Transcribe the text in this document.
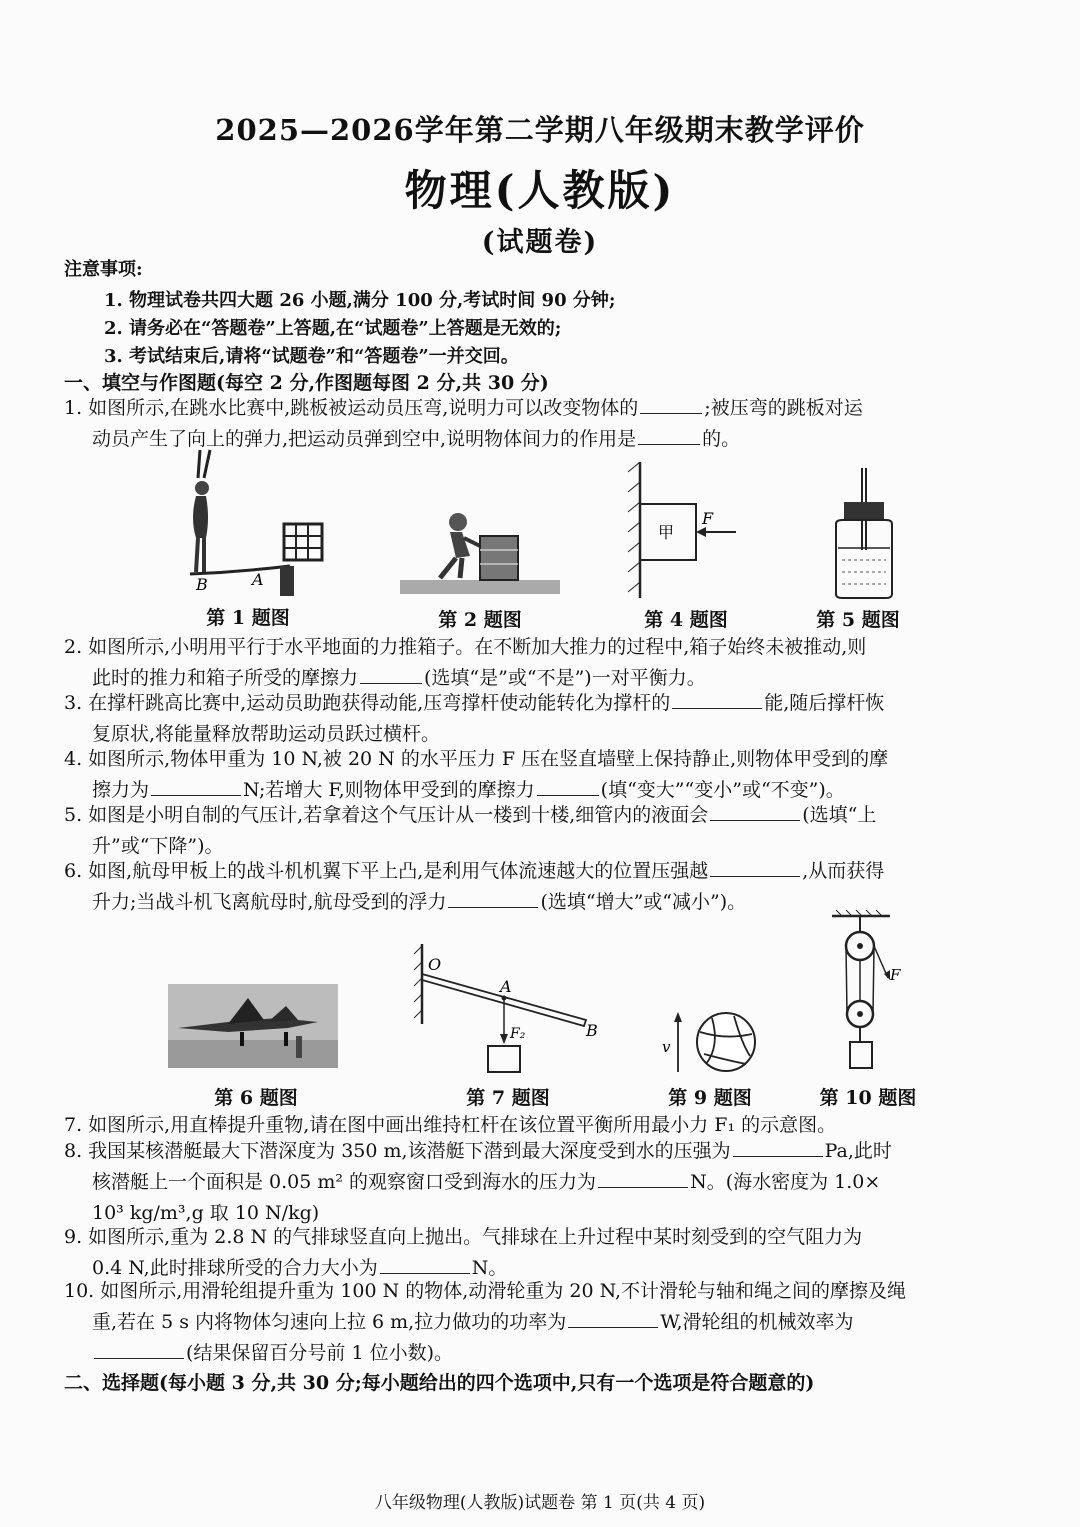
2025—2026学年第二学期八年级期末教学评价
物理(人教版)
(试题卷)
注意事项:
1. 物理试卷共四大题 26 小题,满分 100 分,考试时间 90 分钟;
2. 请务必在“答题卷”上答题,在“试题卷”上答题是无效的;
3. 考试结束后,请将“试题卷”和“答题卷”一并交回。
一、填空与作图题(每空 2 分,作图题每图 2 分,共 30 分)

1. 如图所示,在跳水比赛中,跳板被运动员压弯,说明力可以改变物体的	;被压弯的跳板对运

动员产生了向上的弹力,把运动员弹到空中,说明物体间力的作用是	的。

B	A
第 1 题图	第 2 题图
甲
F
第 4 题图	第 5 题图

2. 如图所示,小明用平行于水平地面的力推箱子。在不断加大推力的过程中,箱子始终未被推动,则

此时的推力和箱子所受的摩擦力	(选填“是”或“不是”)一对平衡力。

3. 在撑杆跳高比赛中,运动员助跑获得动能,压弯撑杆使动能转化为撑杆的	能,随后撑杆恢

复原状,将能量释放帮助运动员跃过横杆。

4. 如图所示,物体甲重为 10 N,被 20 N 的水平压力 F 压在竖直墙壁上保持静止,则物体甲受到的摩

擦力为	N;若增大 F,则物体甲受到的摩擦力	(填“变大”“变小”或“不变”)。

5. 如图是小明自制的气压计,若拿着这个气压计从一楼到十楼,细管内的液面会	(选填“上

升”或“下降”)。

6. 如图,航母甲板上的战斗机机翼下平上凸,是利用气体流速越大的位置压强越	,从而获得

升力;当战斗机飞离航母时,航母受到的浮力	(选填“增大”或“减小”)。

第 6 题图
O
A
F₂	B
第 7 题图
v
第 9 题图
F
第 10 题图

7. 如图所示,用直棒提升重物,请在图中画出维持杠杆在该位置平衡所用最小力 F₁ 的示意图。

8. 我国某核潜艇最大下潜深度为 350 m,该潜艇下潜到最大深度受到水的压强为	Pa,此时

核潜艇上一个面积是 0.05 m² 的观察窗口受到海水的压力为	N。(海水密度为 1.0×

10³ kg/m³,g 取 10 N/kg)

9. 如图所示,重为 2.8 N 的气排球竖直向上抛出。气排球在上升过程中某时刻受到的空气阻力为

0.4 N,此时排球所受的合力大小为	N。

10. 如图所示,用滑轮组提升重为 100 N 的物体,动滑轮重为 20 N,不计滑轮与轴和绳之间的摩擦及绳

重,若在 5 s 内将物体匀速向上拉 6 m,拉力做功的功率为	W,滑轮组的机械效率为

(结果保留百分号前 1 位小数)。

二、选择题(每小题 3 分,共 30 分;每小题给出的四个选项中,只有一个选项是符合题意的)
八年级物理(人教版)试题卷 第 1 页(共 4 页)
